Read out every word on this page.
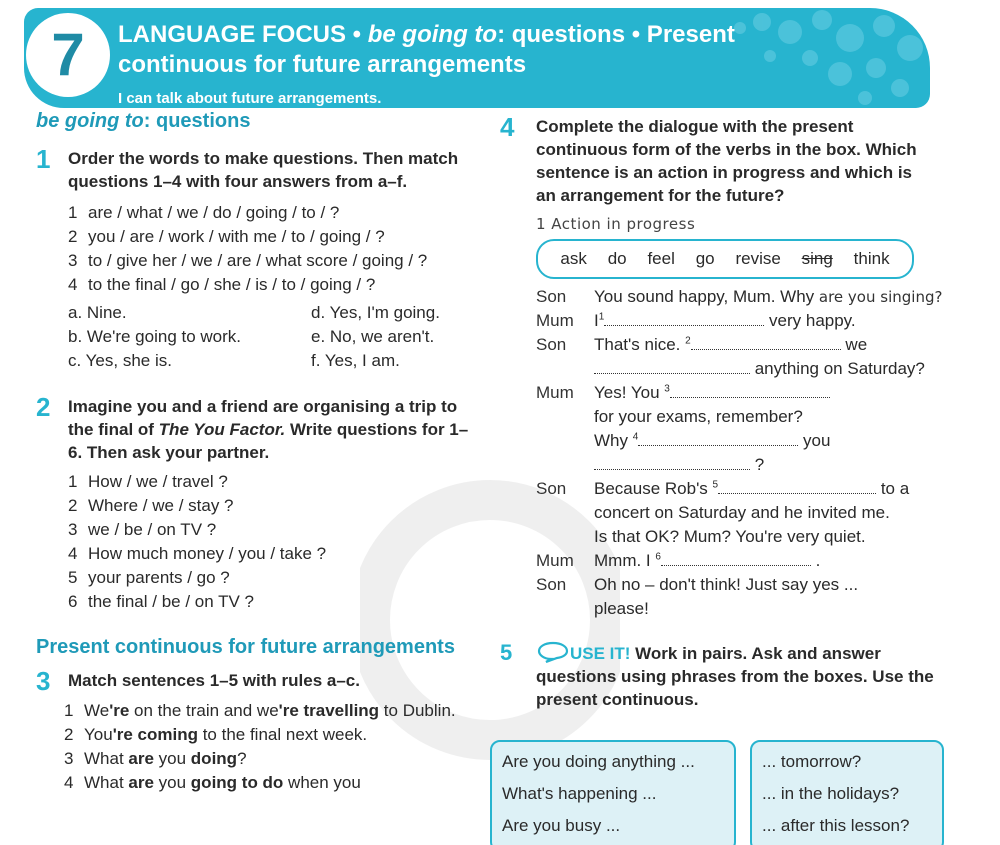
7	LANGUAGE FOCUS • be going to: questions • Present continuous for future arrangements
I can talk about future arrangements.
be going to: questions
1	Order the words to make questions. Then match questions 1–4 with four answers from a–f.
1 are / what / we / do / going / to / ?
2 you / are / work / with me / to / going / ?
3 to / give her / we / are / what score / going / ?
4 to the final / go / she / is / to / going / ?
a. Nine.	d. Yes, I'm going.
b. We're going to work.	e. No, we aren't.
c. Yes, she is.	f. Yes, I am.
2	Imagine you and a friend are organising a trip to the final of The You Factor. Write questions for 1–6. Then ask your partner.
1 How / we / travel ?
2 Where / we / stay ?
3 we / be / on TV ?
4 How much money / you / take ?
5 your parents / go ?
6 the final / be / on TV ?
Present continuous for future arrangements
3	Match sentences 1–5 with rules a–c.
1 We're on the train and we're travelling to Dublin.
2 You're coming to the final next week.
3 What are you doing?
4 What are you going to do when you
4	Complete the dialogue with the present continuous form of the verbs in the box. Which sentence is an action in progress and which is an arrangement for the future?
1 Action in progress
ask do feel go revise sing think
Son	You sound happy, Mum. Why are you singing?
Mum	$I^1$	very happy.
Son	That's nice. $^2$	we
anything on Saturday?
Mum	Yes! You $^3$
for your exams, remember?
Why $^4$	you
?
Son	Because Rob's $^5$	to a
concert on Saturday and he invited me.
Is that OK? Mum? You're very quiet.
Mum	Mmm. I $^6$	.
Son	Oh no – don't think! Just say yes ...
please!
5	USE IT! Work in pairs. Ask and answer questions using phrases from the boxes. Use the present continuous.
Are you doing anything ...
What's happening ...
Are you busy ...
... tomorrow?
... in the holidays?
... after this lesson?
